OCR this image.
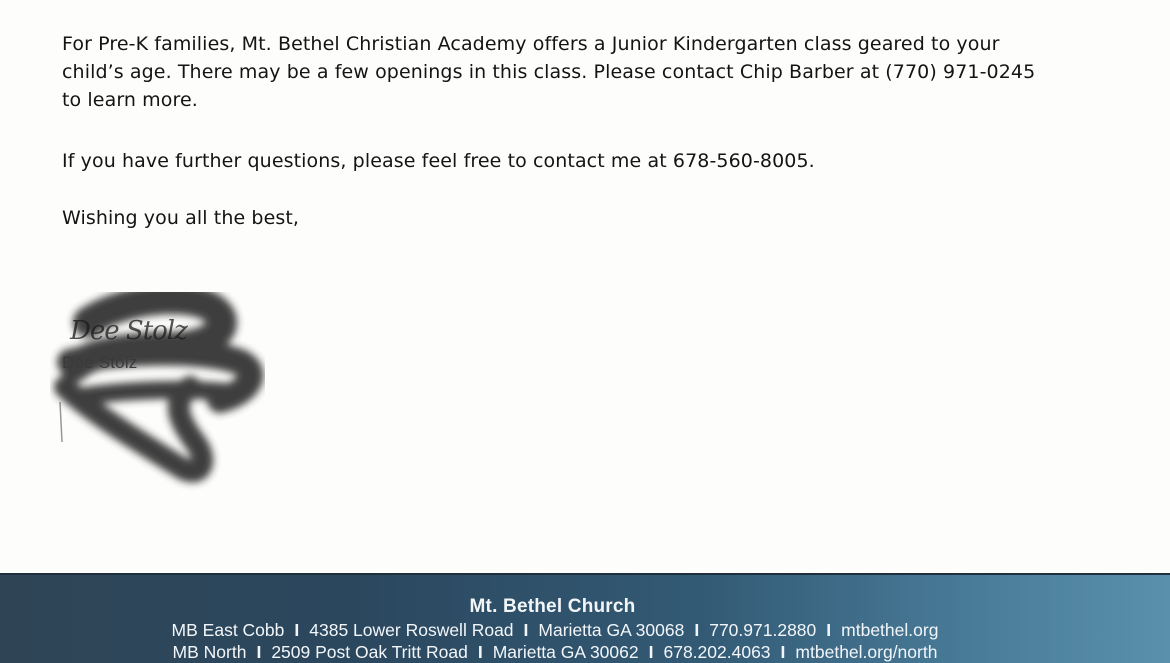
For Pre-K families, Mt. Bethel Christian Academy offers a Junior Kindergarten class geared to your child’s age. There may be a few openings in this class. Please contact Chip Barber at (770) 971-0245 to learn more.

If you have further questions, please feel free to contact me at 678-560-8005.

Wishing you all the best,

Dee Stolz
Dee Stolz
Mt. Bethel Church
MB East Cobb I 4385 Lower Roswell Road I Marietta GA 30068 I 770.971.2880 I mtbethel.org
MB North I 2509 Post Oak Tritt Road I Marietta GA 30062 I 678.202.4063 I mtbethel.org/north
